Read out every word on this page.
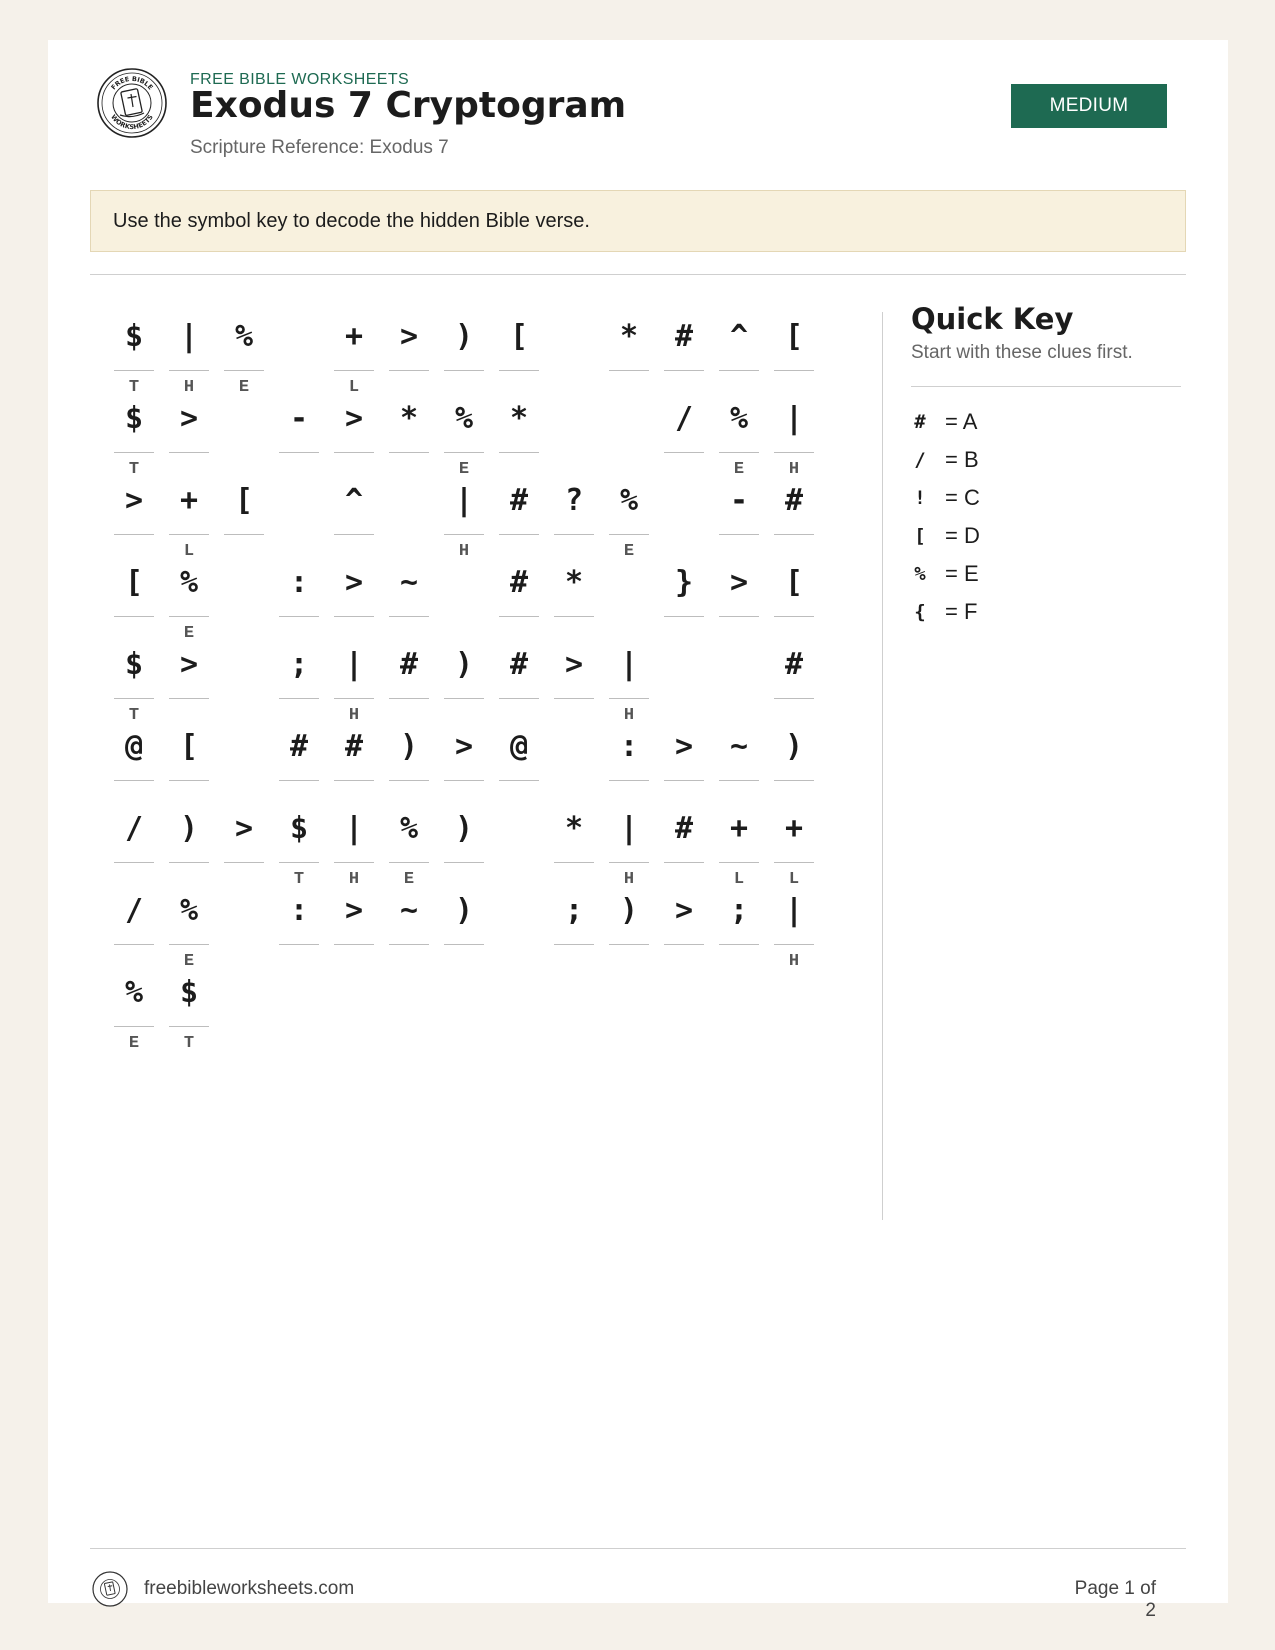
FREE BIBLE
WORKSHEETS
FREE BIBLE WORKSHEETS
Exodus 7 Cryptogram
Scripture Reference: Exodus 7
MEDIUM
Use the symbol key to decode the hidden Bible verse.
$
T
|
H
%
E
+
L
>	)	[	*	#	^	[
$
T
>	-	>	*	%
E
*	/	%
E
|
H
>	+
L
[	^	|
H
#	?	%
E
-	#
[	%
E
:	>	~	#	*	}	>	[
$
T
>	;	|
H
#	)	#	>	|
H
#
@	[	#	#	)	>	@	:	>	~	)
/	)	>	$
T
|
H
%
E
)	*	|
H
#	+
L
+
L
/	%
E
:	>	~	)	;	)	>	;	|
H
%
E
$
T
Quick Key
Start with these clues first.
# = A
/ = B
! = C
[ = D
% = E
{ = F
freebibleworksheets.com	Page 1 of 2
